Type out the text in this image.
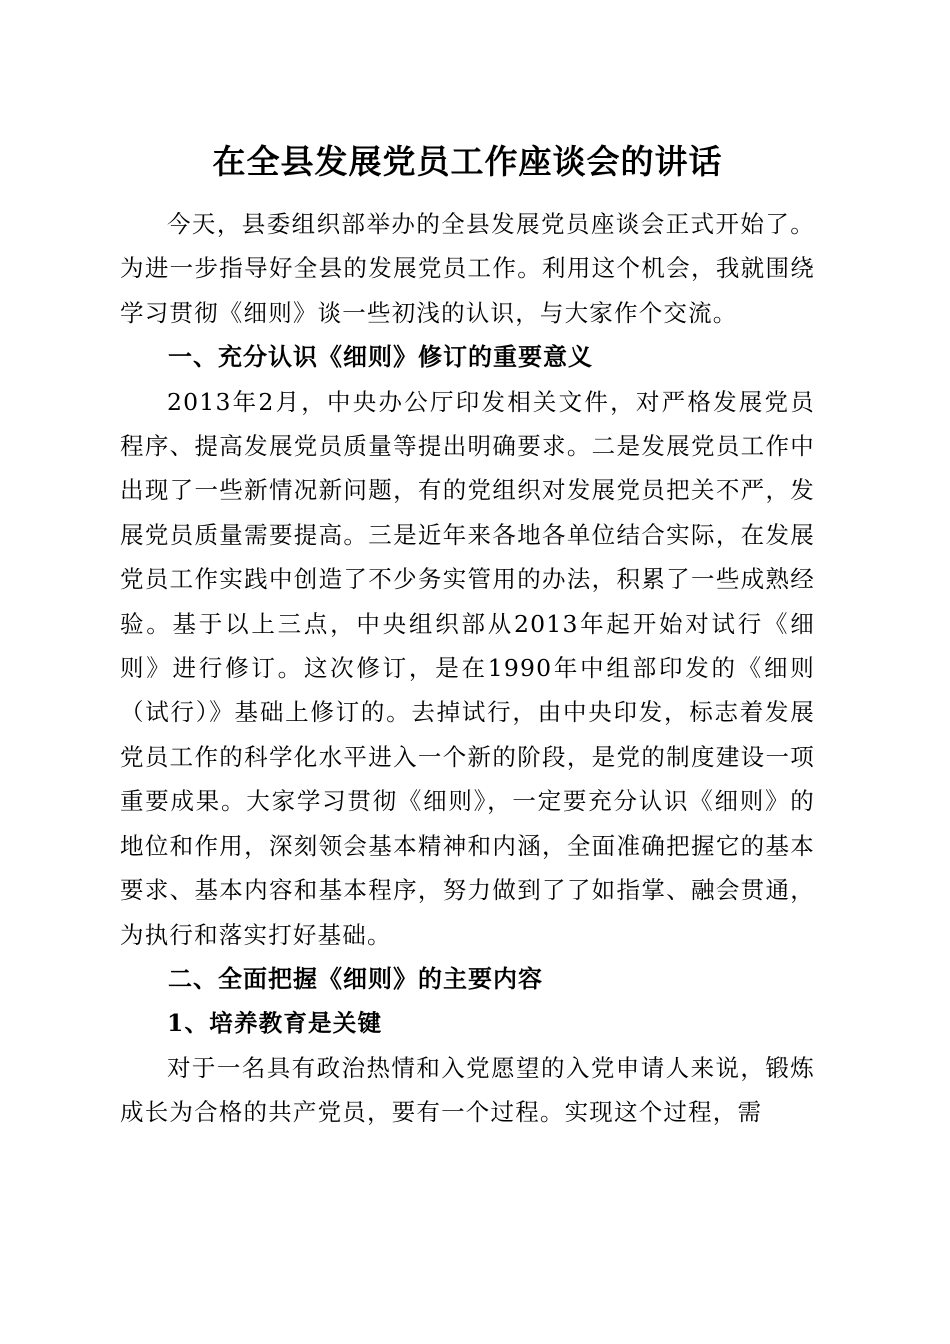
在全县发展党员工作座谈会的讲话

今天，县委组织部举办的全县发展党员座谈会正式开始了。为进一步指导好全县的发展党员工作。利用这个机会，我就围绕学习贯彻《细则》谈一些初浅的认识，与大家作个交流。

一、充分认识《细则》修订的重要意义

2013年2月，中央办公厅印发相关文件，对严格发展党员程序、提高发展党员质量等提出明确要求。二是发展党员工作中出现了一些新情况新问题，有的党组织对发展党员把关不严，发展党员质量需要提高。三是近年来各地各单位结合实际，在发展党员工作实践中创造了不少务实管用的办法，积累了一些成熟经验。基于以上三点，中央组织部从2013年起开始对试行《细则》进行修订。这次修订，是在1990年中组部印发的《细则（试行）》基础上修订的。去掉试行，由中央印发，标志着发展党员工作的科学化水平进入一个新的阶段，是党的制度建设一项重要成果。大家学习贯彻《细则》，一定要充分认识《细则》的地位和作用，深刻领会基本精神和内涵，全面准确把握它的基本要求、基本内容和基本程序，努力做到了了如指掌、融会贯通，为执行和落实打好基础。

二、全面把握《细则》的主要内容
1、培养教育是关键

对于一名具有政治热情和入党愿望的入党申请人来说，锻炼成长为合格的共产党员，要有一个过程。实现这个过程，需
